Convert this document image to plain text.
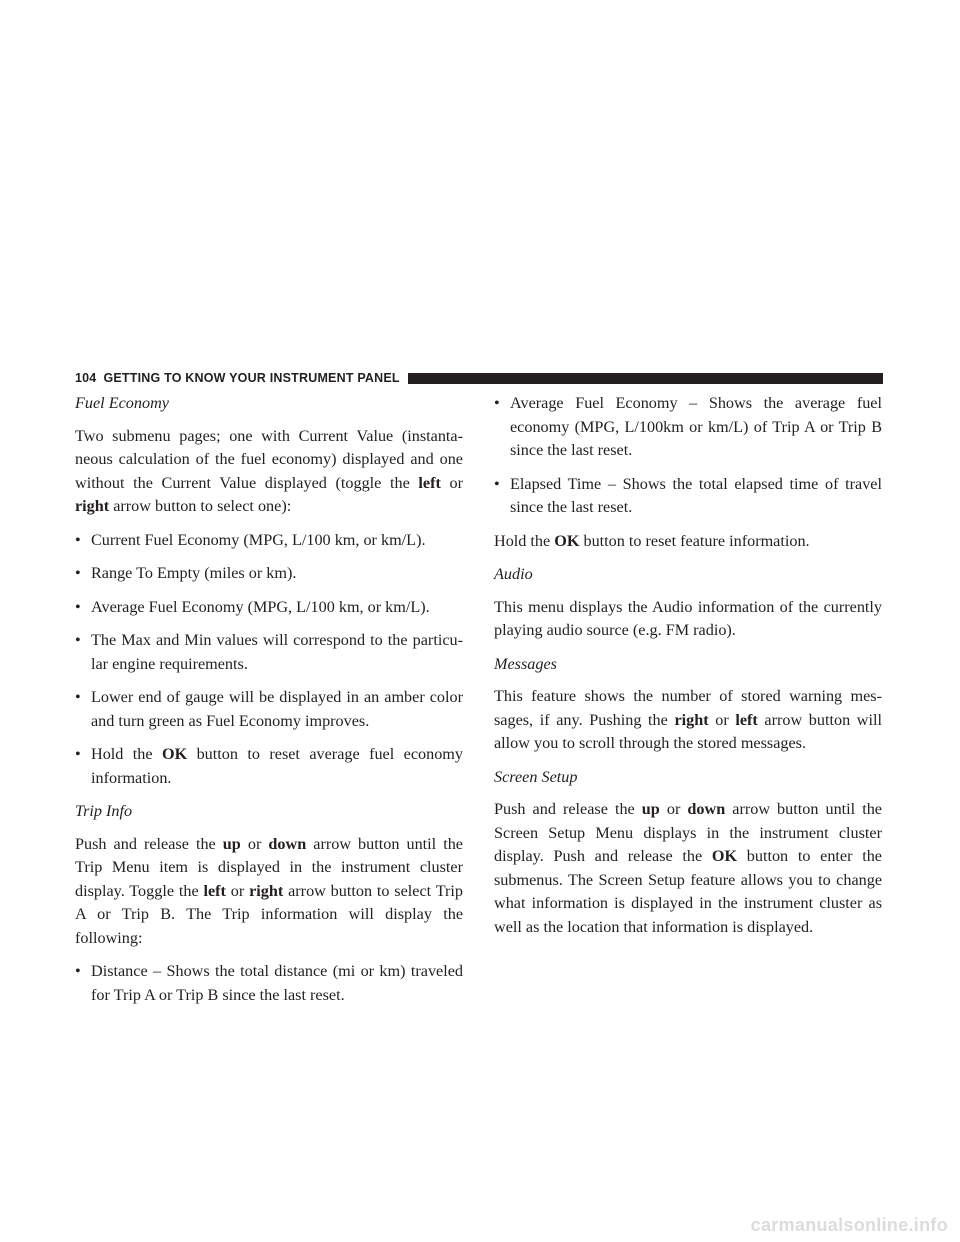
104 GETTING TO KNOW YOUR INSTRUMENT PANEL
Fuel Economy

Two submenu pages; one with Current Value (instanta-neous calculation of the fuel economy) displayed and one without the Current Value displayed (toggle the left or right arrow button to select one):

• Current Fuel Economy (MPG, L/100 km, or km/L).
• Range To Empty (miles or km).
• Average Fuel Economy (MPG, L/100 km, or km/L).
• The Max and Min values will correspond to the particu-lar engine requirements.
• Lower end of gauge will be displayed in an amber color and turn green as Fuel Economy improves.
• Hold the OK button to reset average fuel economy information.
Trip Info

Push and release the up or down arrow button until the Trip Menu item is displayed in the instrument cluster display. Toggle the left or right arrow button to select Trip A or Trip B. The Trip information will display the following:

• Distance – Shows the total distance (mi or km) traveled for Trip A or Trip B since the last reset.
• Average Fuel Economy – Shows the average fuel economy (MPG, L/100km or km/L) of Trip A or Trip B since the last reset.
• Elapsed Time – Shows the total elapsed time of travel since the last reset.

Hold the OK button to reset feature information.

Audio

This menu displays the Audio information of the currently playing audio source (e.g. FM radio).

Messages

This feature shows the number of stored warning mes-sages, if any. Pushing the right or left arrow button will allow you to scroll through the stored messages.

Screen Setup

Push and release the up or down arrow button until the Screen Setup Menu displays in the instrument cluster display. Push and release the OK button to enter the submenus. The Screen Setup feature allows you to change what information is displayed in the instrument cluster as well as the location that information is displayed.

carmanualsonline.info
